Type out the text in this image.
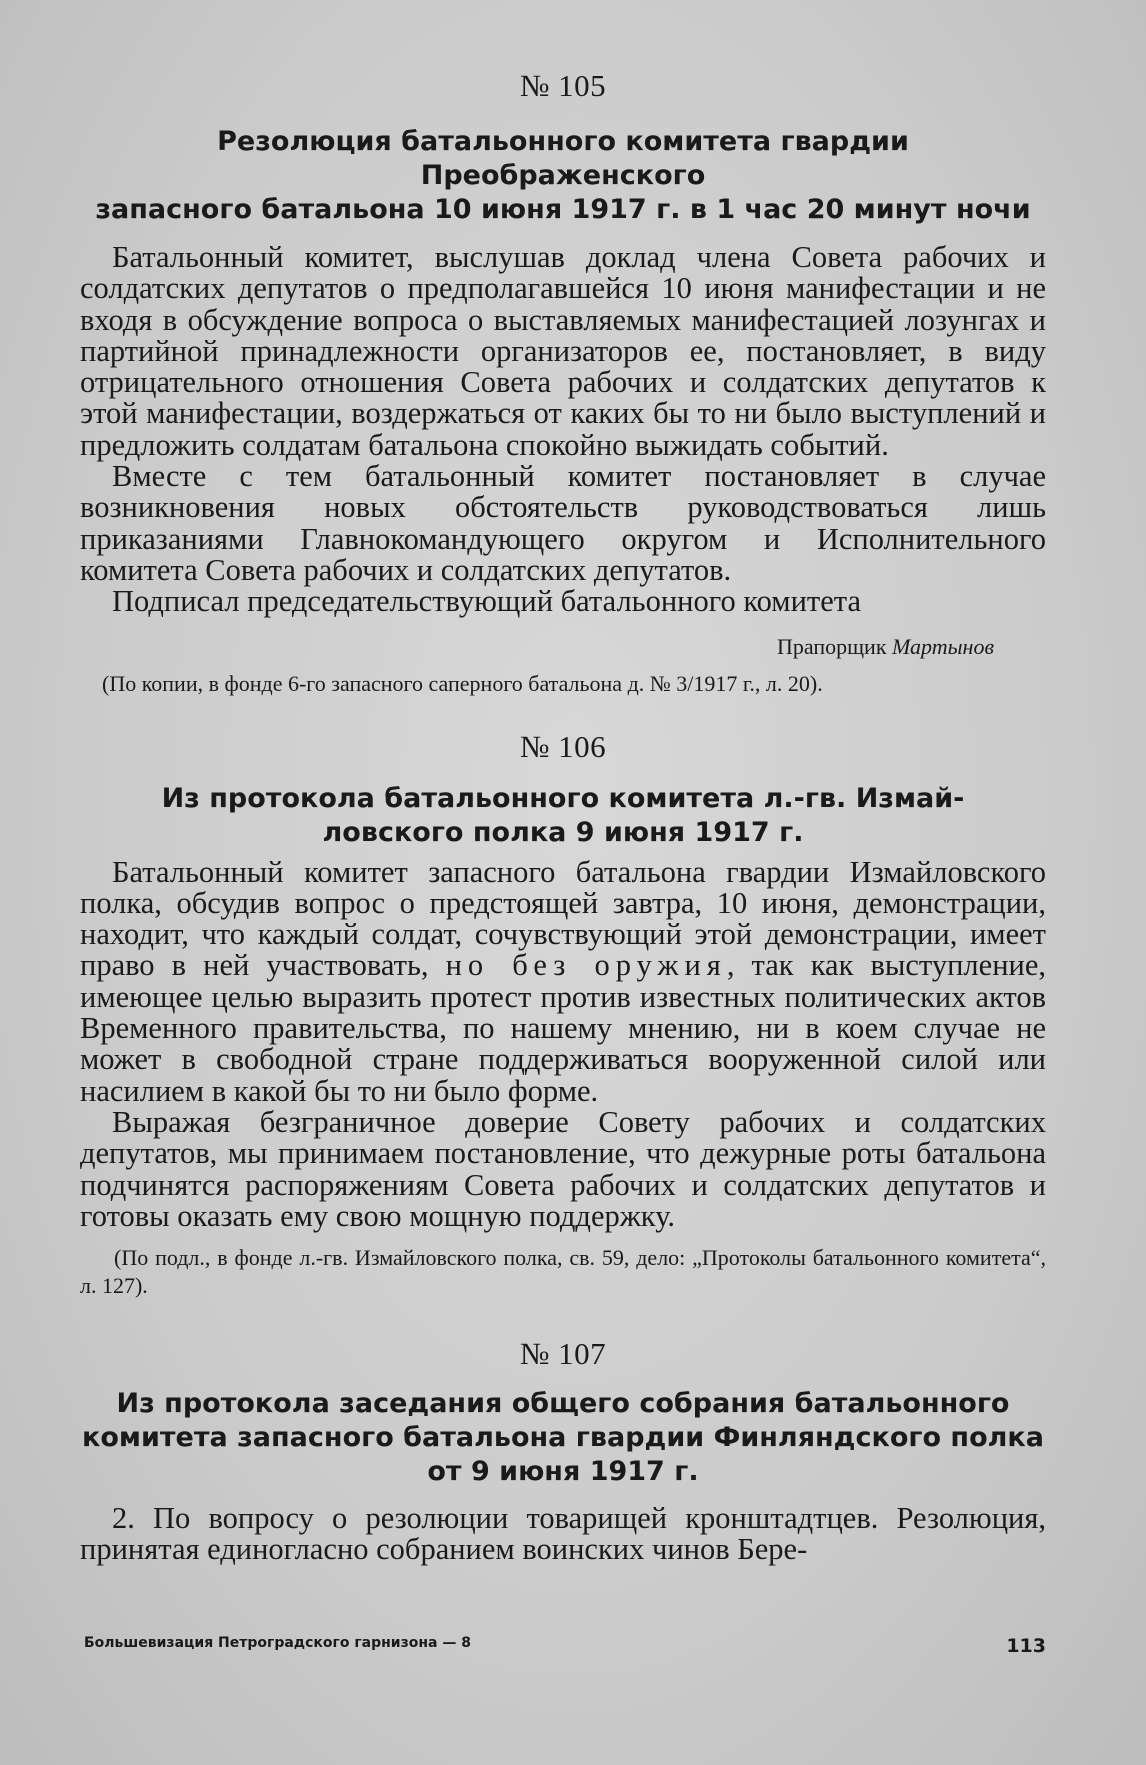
№ 105
Резолюция батальонного комитета гвардии Преображенского
запасного батальона 10 июня 1917 г. в 1 час 20 минут ночи

Батальонный комитет, выслушав доклад члена Совета рабочих и солдатских депутатов о предполагавшейся 10 июня манифестации и не входя в обсуждение вопроса о выставляемых манифестацией лозунгах и партийной принадлежности организаторов ее, постановляет, в виду отрицательного отношения Совета рабочих и солдатских депутатов к этой манифестации, воздержаться от каких бы то ни было выступлений и предложить солдатам батальона спокойно выжидать событий.

Вместе с тем батальонный комитет постановляет в случае возникновения новых обстоятельств руководствоваться лишь приказаниями Главнокомандующего округом и Исполнительного комитета Совета рабочих и солдатских депутатов.

Подписал председательствующий батальонного комитета

Прапорщик Мартынов

(По копии, в фонде 6-го запасного саперного батальона д. № 3/1917 г., л. 20).

№ 106
Из протокола батальонного комитета л.-гв. Измай-
ловского полка 9 июня 1917 г.

Батальонный комитет запасного батальона гвардии Измайловского полка, обсудив вопрос о предстоящей завтра, 10 июня, демонстрации, находит, что каждый солдат, сочувствующий этой демонстрации, имеет право в ней участвовать, но без оружия, так как выступление, имеющее целью выразить протест против известных политических актов Временного правительства, по нашему мнению, ни в коем случае не может в свободной стране поддерживаться вооруженной силой или насилием в какой бы то ни было форме.

Выражая безграничное доверие Совету рабочих и солдатских депутатов, мы принимаем постановление, что дежурные роты батальона подчинятся распоряжениям Совета рабочих и солдатских депутатов и готовы оказать ему свою мощную поддержку.

(По подл., в фонде л.-гв. Измайловского полка, св. 59, дело: „Протоколы батальонного комитета“, л. 127).

№ 107
Из протокола заседания общего собрания батальонного
комитета запасного батальона гвардии Финляндского полка
от 9 июня 1917 г.

2. По вопросу о резолюции товарищей кронштадтцев. Резолюция, принятая единогласно собранием воинских чинов Бере-

Большевизация Петроградского гарнизона — 8	113
